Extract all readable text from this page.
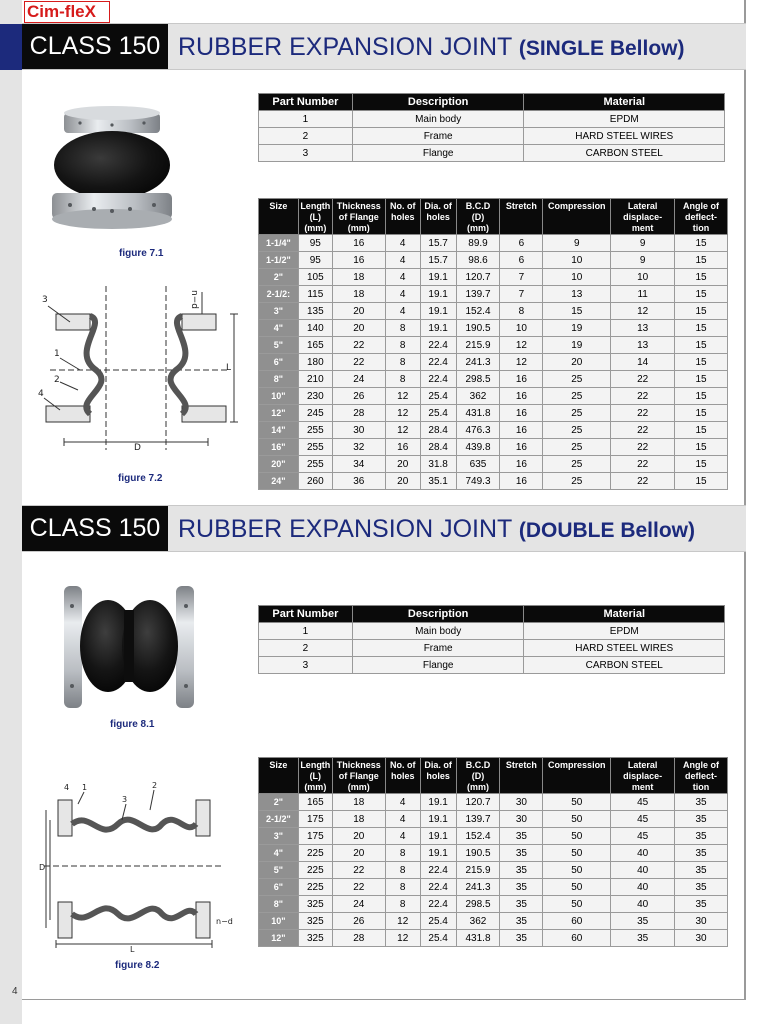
Cim-fleX
CLASS 150 RUBBER EXPANSION JOINT (SINGLE Bellow)
figure 7.1
n−d
L
D
3
1
2
4
figure 7.2
Part Number	Description	Material
1	Main body	EPDM
2	Frame	HARD STEEL WIRES
3	Flange	CARBON STEEL
Size	Length
(L)
(mm)	Thickness
of Flange
(mm)	No. of
holes	Dia. of
holes	B.C.D
(D)
(mm)	Stretch	Compression	Lateral
displace-
ment	Angle of
deflect-
tion
1-1/4"	95	16	4	15.7	89.9	6	9	9	15
1-1/2"	95	16	4	15.7	98.6	6	10	9	15
2"	105	18	4	19.1	120.7	7	10	10	15
2-1/2:	115	18	4	19.1	139.7	7	13	11	15
3"	135	20	4	19.1	152.4	8	15	12	15
4"	140	20	8	19.1	190.5	10	19	13	15
5"	165	22	8	22.4	215.9	12	19	13	15
6"	180	22	8	22.4	241.3	12	20	14	15
8"	210	24	8	22.4	298.5	16	25	22	15
10"	230	26	12	25.4	362	16	25	22	15
12"	245	28	12	25.4	431.8	16	25	22	15
14"	255	30	12	28.4	476.3	16	25	22	15
16"	255	32	16	28.4	439.8	16	25	22	15
20"	255	34	20	31.8	635	16	25	22	15
24"	260	36	20	35.1	749.3	16	25	22	15
CLASS 150 RUBBER EXPANSION JOINT (DOUBLE Bellow)
figure 8.1
n−d
L
D
1
3
2
4
figure 8.2
Part Number	Description	Material
1	Main body	EPDM
2	Frame	HARD STEEL WIRES
3	Flange	CARBON STEEL
Size	Length
(L)
(mm)	Thickness
of Flange
(mm)	No. of
holes	Dia. of
holes	B.C.D
(D)
(mm)	Stretch	Compression	Lateral
displace-
ment	Angle of
deflect-
tion
2"	165	18	4	19.1	120.7	30	50	45	35
2-1/2"	175	18	4	19.1	139.7	30	50	45	35
3"	175	20	4	19.1	152.4	35	50	45	35
4"	225	20	8	19.1	190.5	35	50	40	35
5"	225	22	8	22.4	215.9	35	50	40	35
6"	225	22	8	22.4	241.3	35	50	40	35
8"	325	24	8	22.4	298.5	35	50	40	35
10"	325	26	12	25.4	362	35	60	35	30
12"	325	28	12	25.4	431.8	35	60	35	30
4
